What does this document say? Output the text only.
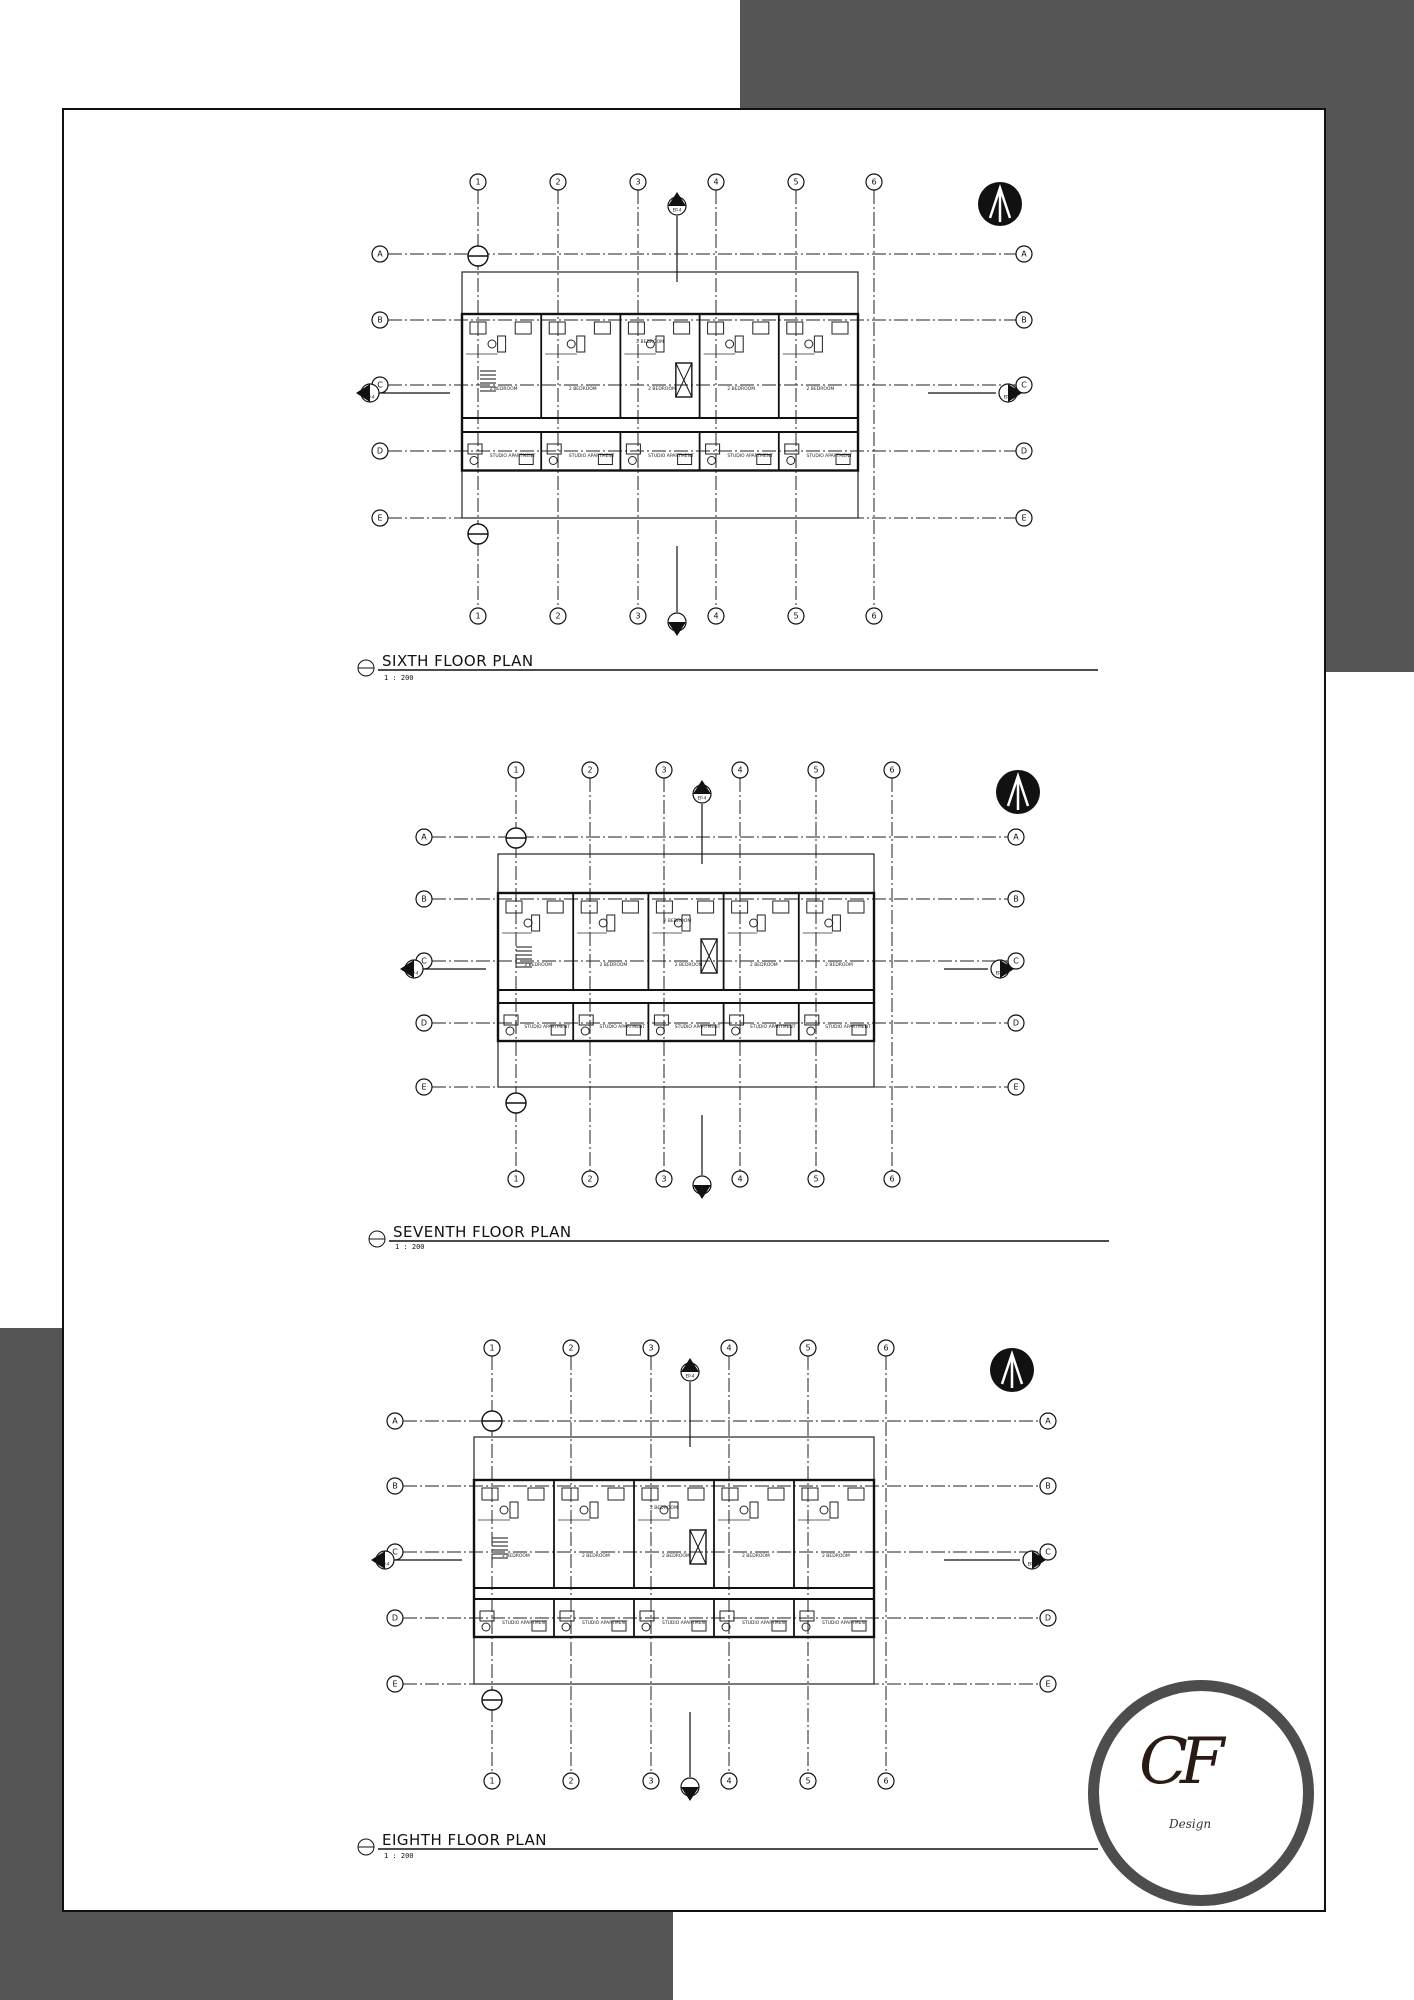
1
1
2
2
3
3
4
4
5
5
6
6
A	A
B	B
C	C
D	D
E	E
EP-4
EP-4
EP-4	EP-4
1
1
2
2
3
3
4
4
5
5
6
6
A	A
B	B
C	C
D	D
E	E
EP-4
EP-4
EP-4	EP-4
1
1
2
2
3
3
4
4
5
5
6
6
A	A
B	B
C	C
D	D
E	E
EP-4
EP-4
EP-4	EP-4
2 BEDROOM	2 BEDROOM	2 BEDROOM	2 BEDROOM	2 BEDROOM
2 BEDROOM
STUDIO APARTMENT	STUDIO APARTMENT	STUDIO APARTMENT	STUDIO APARTMENT	STUDIO APARTMENT
SIXTH FLOOR PLAN
1 : 200
2 BEDROOM	2 BEDROOM	2 BEDROOM	2 BEDROOM	2 BEDROOM
2 BEDROOM
STUDIO APARTMENT	STUDIO APARTMENT	STUDIO APARTMENT	STUDIO APARTMENT	STUDIO APARTMENT
SEVENTH FLOOR PLAN
1 : 200
2 BEDROOM	2 BEDROOM	2 BEDROOM	2 BEDROOM	2 BEDROOM
2 BEDROOM
STUDIO APARTMENT	STUDIO APARTMENT	STUDIO APARTMENT	STUDIO APARTMENT	STUDIO APARTMENT
EIGHTH FLOOR PLAN
1 : 200
CF
Design
